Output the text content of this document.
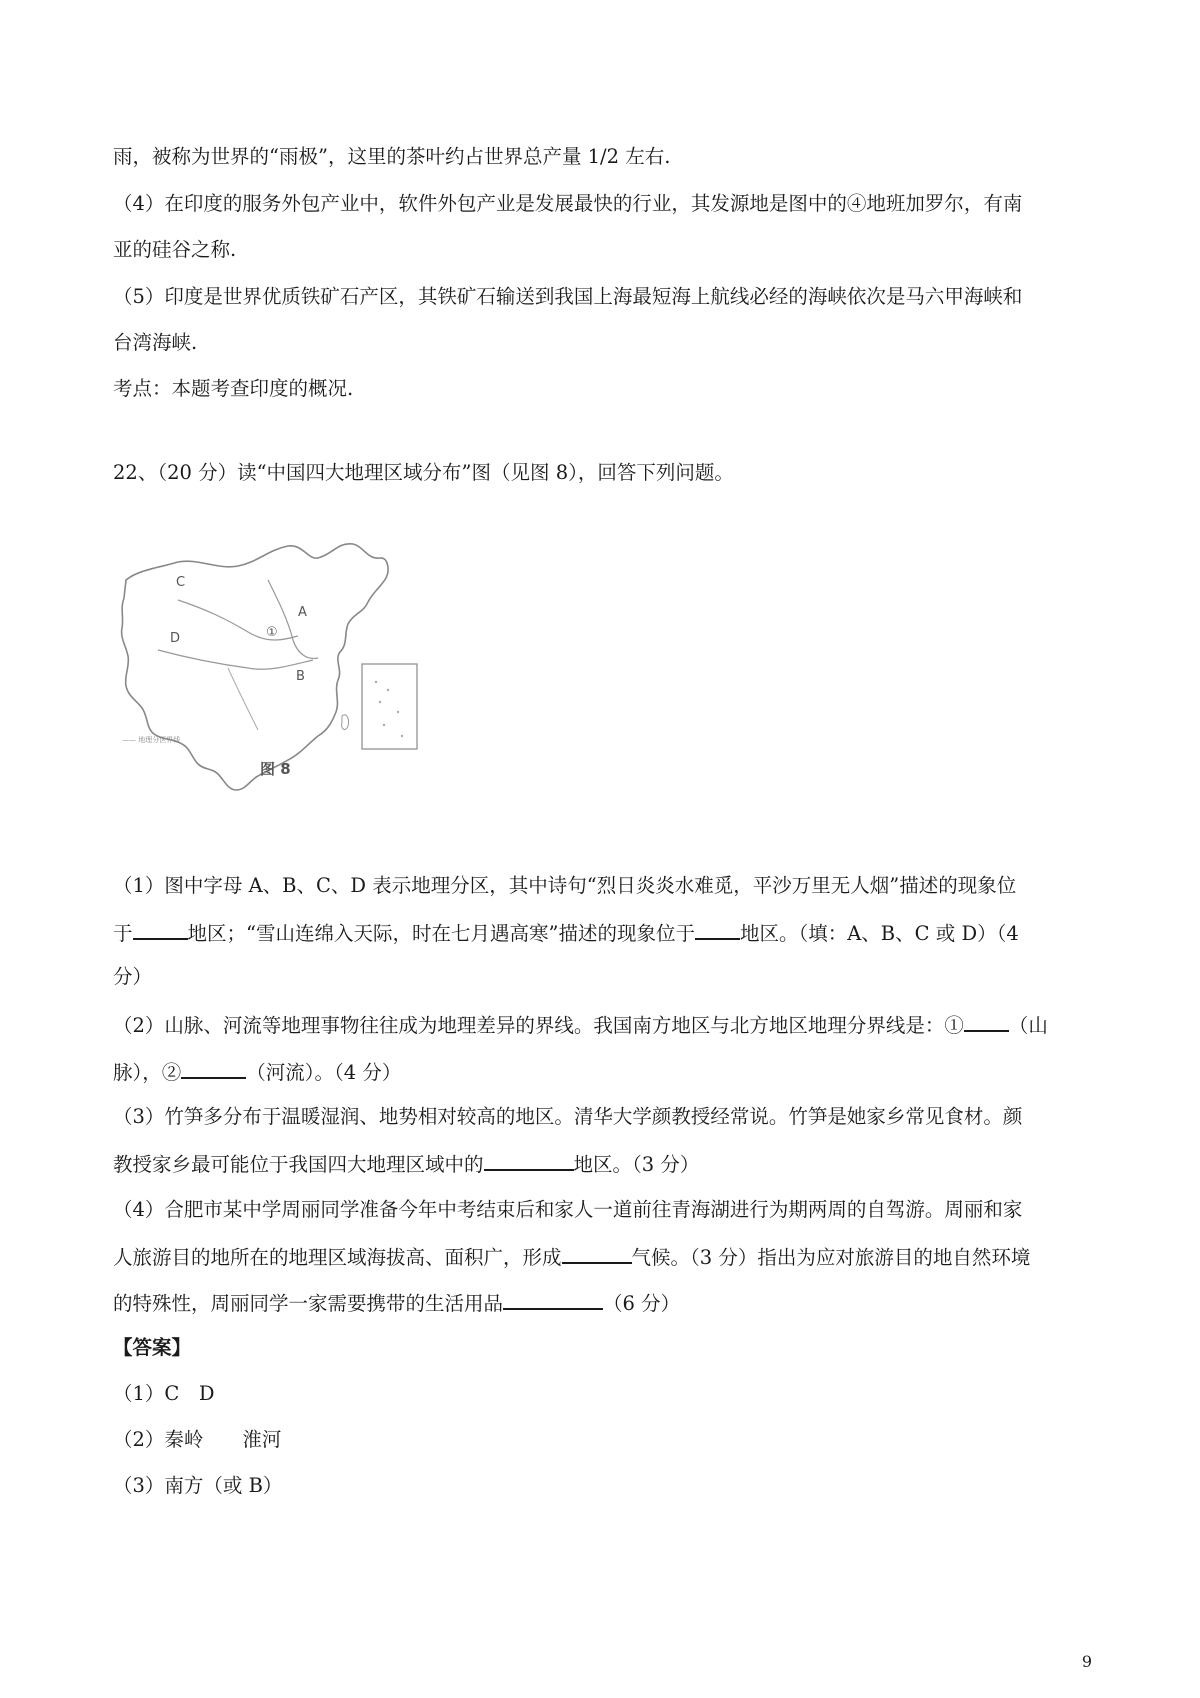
雨，被称为世界的“雨极”，这里的茶叶约占世界总产量 1/2 左右.
（4）在印度的服务外包产业中，软件外包产业是发展最快的行业，其发源地是图中的④地班加罗尔，有南
亚的硅谷之称.
（5）印度是世界优质铁矿石产区，其铁矿石输送到我国上海最短海上航线必经的海峡依次是马六甲海峡和
台湾海峡.
考点：本题考查印度的概况.
22、（20 分）读“中国四大地理区域分布”图（见图 8），回答下列问题。
A
B
C
D	①
—— 地理分区界线
图 8
（1）图中字母 A、B、C、D 表示地理分区，其中诗句“烈日炎炎水难觅，平沙万里无人烟”描述的现象位
于	地区；“雪山连绵入天际，时在七月遇高寒”描述的现象位于 地区。（填：A、B、C 或 D）（4
分）
（2）山脉、河流等地理事物往往成为地理差异的界线。我国南方地区与北方地区地理分界线是：① （山
脉），②	（河流）。（4 分）
（3）竹笋多分布于温暖湿润、地势相对较高的地区。清华大学颜教授经常说。竹笋是她家乡常见食材。颜
教授家乡最可能位于我国四大地理区域中的	地区。（3 分）
（4）合肥市某中学周丽同学准备今年中考结束后和家人一道前往青海湖进行为期两周的自驾游。周丽和家
人旅游目的地所在的地理区域海拔高、面积广，形成	气候。（3 分）指出为应对旅游目的地自然环境
的特殊性，周丽同学一家需要携带的生活用品	（6 分）
【答案】
（1）C　D
（2）秦岭　　淮河
（3）南方（或 B）
9
